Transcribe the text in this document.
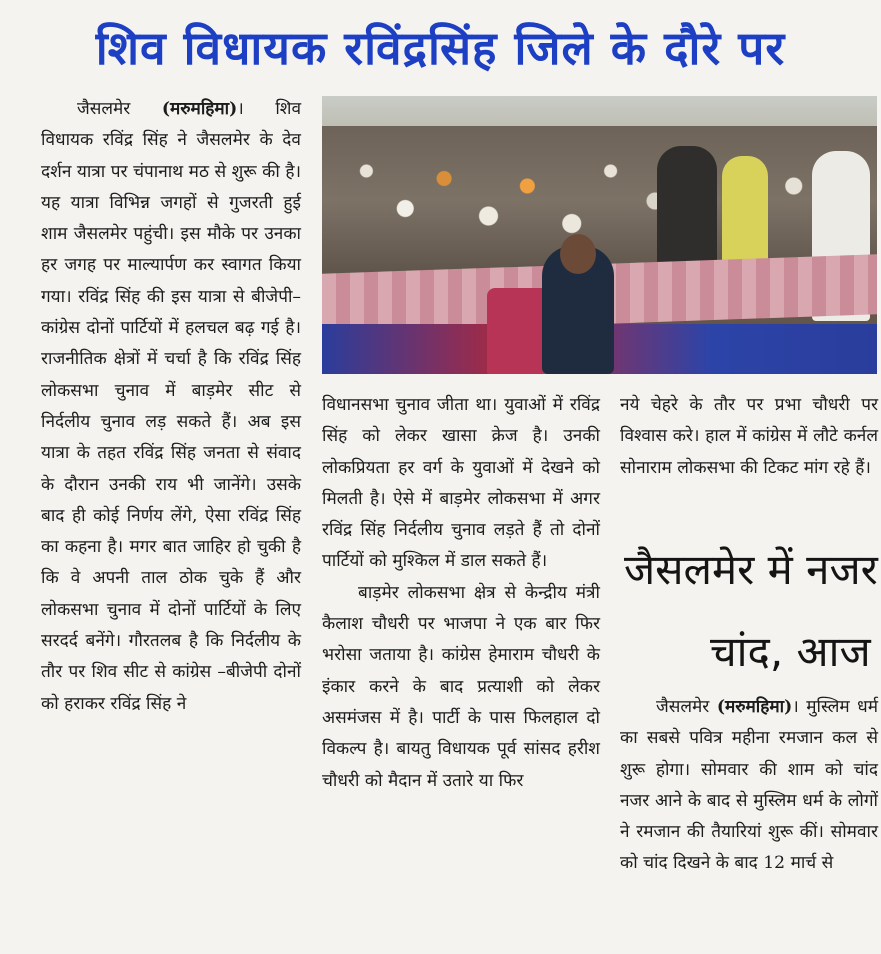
शिव विधायक रविंद्रसिंह जिले के दौरे पर

जैसलमेर (मरुमहिमा)। शिव विधायक रविंद्र सिंह ने जैसलमेर के देव दर्शन यात्रा पर चंपानाथ मठ से शुरू की है। यह यात्रा विभिन्न जगहों से गुजरती हुई शाम जैसलमेर पहुंची। इस मौके पर उनका हर जगह पर माल्यार्पण कर स्वागत किया गया। रविंद्र सिंह की इस यात्रा से बीजेपी–कांग्रेस दोनों पार्टियों में हलचल बढ़ गई है। राजनीतिक क्षेत्रों में चर्चा है कि रविंद्र सिंह लोकसभा चुनाव में बाड़मेर सीट से निर्दलीय चुनाव लड़ सकते हैं। अब इस यात्रा के तहत रविंद्र सिंह जनता से संवाद के दौरान उनकी राय भी जानेंगे। उसके बाद ही कोई निर्णय लेंगे, ऐसा रविंद्र सिंह का कहना है। मगर बात जाहिर हो चुकी है कि वे अपनी ताल ठोक चुके हैं और लोकसभा चुनाव में दोनों पार्टियों के लिए सरदर्द बनेंगे। गौरतलब है कि निर्दलीय के तौर पर शिव सीट से कांग्रेस –बीजेपी दोनों को हराकर रविंद्र सिंह ने

विधानसभा चुनाव जीता था। युवाओं में रविंद्र सिंह को लेकर खासा क्रेज है। उनकी लोकप्रियता हर वर्ग के युवाओं में देखने को मिलती है। ऐसे में बाड़मेर लोकसभा में अगर रविंद्र सिंह निर्दलीय चुनाव लड़ते हैं तो दोनों पार्टियों को मुश्किल में डाल सकते हैं।

बाड़मेर लोकसभा क्षेत्र से केन्द्रीय मंत्री कैलाश चौधरी पर भाजपा ने एक बार फिर भरोसा जताया है। कांग्रेस हेमाराम चौधरी के इंकार करने के बाद प्रत्याशी को लेकर असमंजस में है। पार्टी के पास फिलहाल दो विकल्प है। बायतु विधायक पूर्व सांसद हरीश चौधरी को मैदान में उतारे या फिर

नये चेहरे के तौर पर प्रभा चौधरी पर विश्वास करे। हाल में कांग्रेस में लौटे कर्नल सोनाराम लोकसभा की टिकट मांग रहे हैं।

जैसलमेर में नजर
चांद, आज

जैसलमेर (मरुमहिमा)। मुस्लिम धर्म का सबसे पवित्र महीना रमजान कल से शुरू होगा। सोमवार की शाम को चांद नजर आने के बाद से मुस्लिम धर्म के लोगों ने रमजान की तैयारियां शुरू कीं। सोमवार को चांद दिखने के बाद 12 मार्च से
